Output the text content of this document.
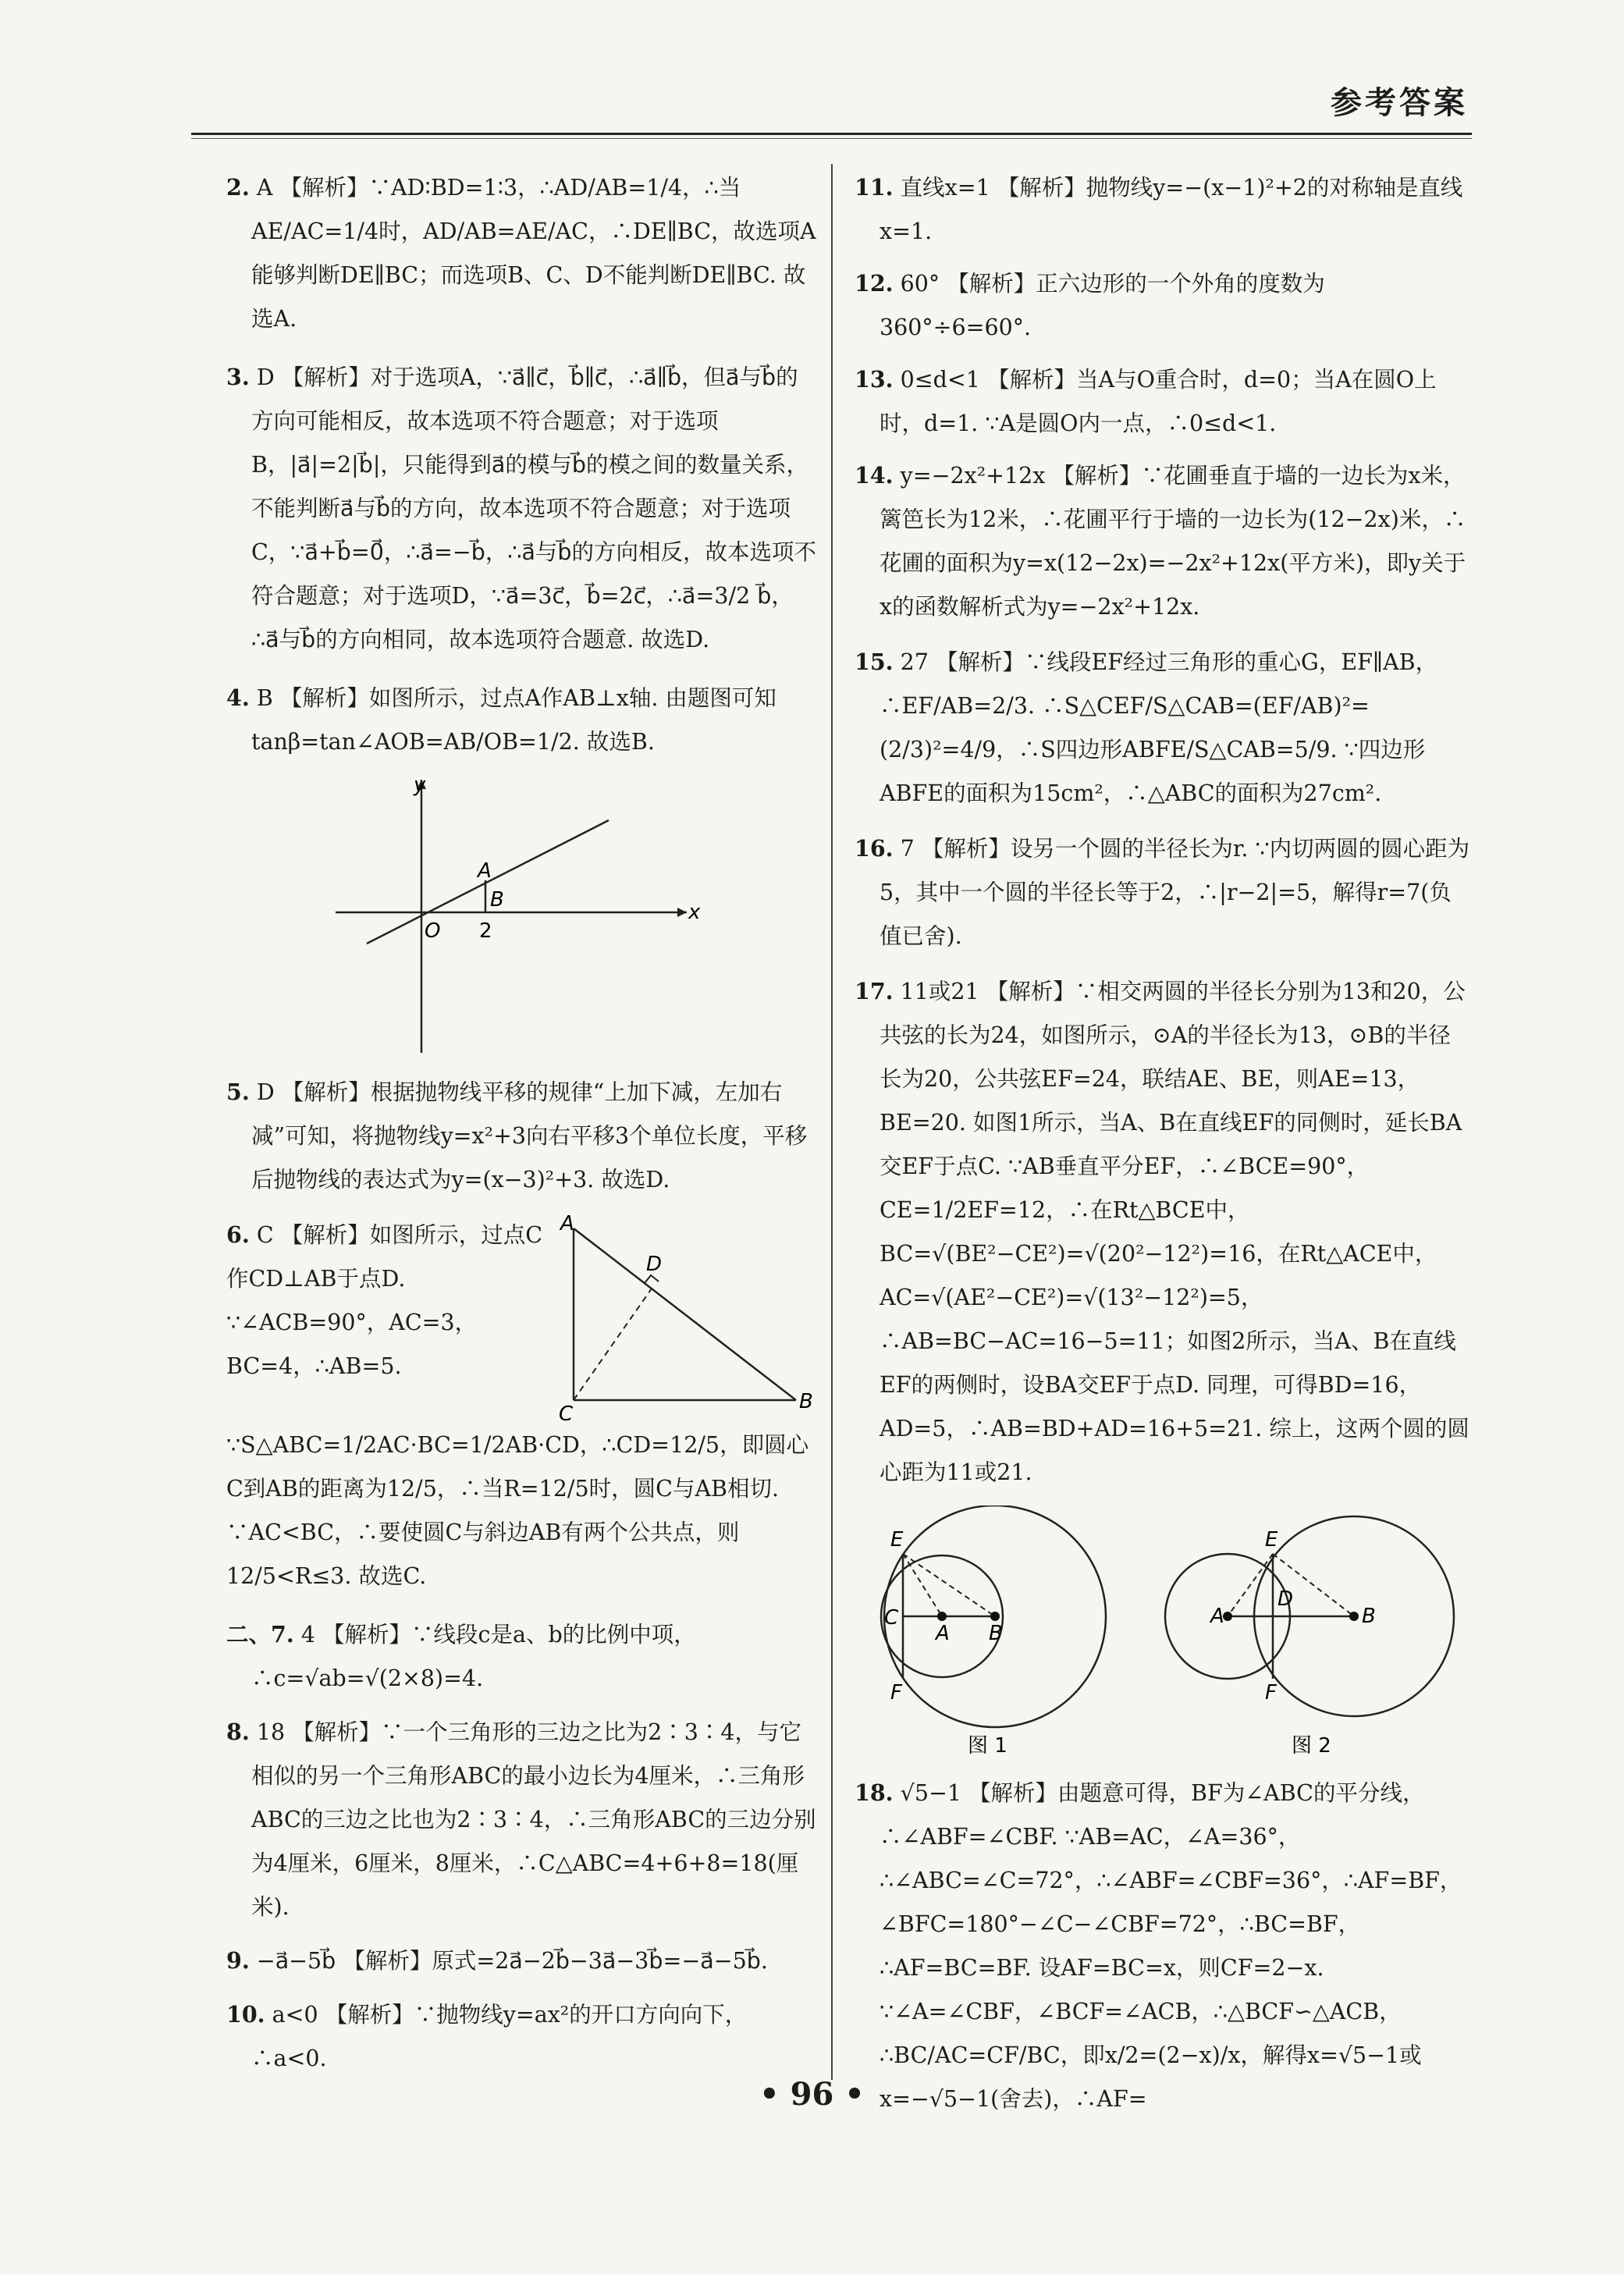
参考答案
2. A 【解析】∵AD∶BD=1∶3，∴AD/AB=1/4，∴当AE/AC=1/4时，AD/AB=AE/AC，∴DE∥BC，故选项A能够判断DE∥BC；而选项B、C、D不能判断DE∥BC. 故选A.
3. D 【解析】对于选项A，∵a⃗∥c⃗，b⃗∥c⃗，∴a⃗∥b⃗，但a⃗与b⃗的方向可能相反，故本选项不符合题意；对于选项B，|a⃗|=2|b⃗|，只能得到a⃗的模与b⃗的模之间的数量关系，不能判断a⃗与b⃗的方向，故本选项不符合题意；对于选项C，∵a⃗+b⃗=0⃗，∴a⃗=−b⃗，∴a⃗与b⃗的方向相反，故本选项不符合题意；对于选项D，∵a⃗=3c⃗，b⃗=2c⃗，∴a⃗=3/2 b⃗，∴a⃗与b⃗的方向相同，故本选项符合题意. 故选D.
4. B 【解析】如图所示，过点A作AB⊥x轴. 由题图可知tanβ=tan∠AOB=AB/OB=1/2. 故选B.
y
x
O 2
A
B
5. D 【解析】根据抛物线平移的规律“上加下减，左加右减”可知，将抛物线y=x²+3向右平移3个单位长度，平移后抛物线的表达式为y=(x−3)²+3. 故选D.
A
B
C
D
6. C 【解析】如图所示，过点C作CD⊥AB于点D. ∵∠ACB=90°，AC=3，BC=4，∴AB=5. ∵S△ABC=1/2AC·BC=1/2AB·CD，∴CD=12/5，即圆心C到AB的距离为12/5，∴当R=12/5时，圆C与AB相切. ∵AC<BC，∴要使圆C与斜边AB有两个公共点，则12/5<R≤3. 故选C.
二、7. 4 【解析】∵线段c是a、b的比例中项，∴c=√ab=√(2×8)=4.
8. 18 【解析】∵一个三角形的三边之比为2∶3∶4，与它相似的另一个三角形ABC的最小边长为4厘米，∴三角形ABC的三边之比也为2∶3∶4，∴三角形ABC的三边分别为4厘米，6厘米，8厘米，∴C△ABC=4+6+8=18(厘米).
9. −a⃗−5b⃗ 【解析】原式=2a⃗−2b⃗−3a⃗−3b⃗=−a⃗−5b⃗.
10. a<0 【解析】∵抛物线y=ax²的开口方向向下，∴a<0.
11. 直线x=1 【解析】抛物线y=−(x−1)²+2的对称轴是直线x=1.
12. 60° 【解析】正六边形的一个外角的度数为360°÷6=60°.
13. 0≤d<1 【解析】当A与O重合时，d=0；当A在圆O上时，d=1. ∵A是圆O内一点，∴0≤d<1.
14. y=−2x²+12x 【解析】∵花圃垂直于墙的一边长为x米，篱笆长为12米，∴花圃平行于墙的一边长为(12−2x)米，∴花圃的面积为y=x(12−2x)=−2x²+12x(平方米)，即y关于x的函数解析式为y=−2x²+12x.
15. 27 【解析】∵线段EF经过三角形的重心G，EF∥AB，∴EF/AB=2/3. ∴S△CEF/S△CAB=(EF/AB)²=(2/3)²=4/9，∴S四边形ABFE/S△CAB=5/9. ∵四边形ABFE的面积为15cm²，∴△ABC的面积为27cm².
16. 7 【解析】设另一个圆的半径长为r. ∵内切两圆的圆心距为5，其中一个圆的半径长等于2，∴|r−2|=5，解得r=7(负值已舍).
17. 11或21 【解析】∵相交两圆的半径长分别为13和20，公共弦的长为24，如图所示，⊙A的半径长为13，⊙B的半径长为20，公共弦EF=24，联结AE、BE，则AE=13，BE=20. 如图1所示，当A、B在直线EF的同侧时，延长BA交EF于点C. ∵AB垂直平分EF，∴∠BCE=90°，CE=1/2EF=12，∴在Rt△BCE中，BC=√(BE²−CE²)=√(20²−12²)=16，在Rt△ACE中，AC=√(AE²−CE²)=√(13²−12²)=5，∴AB=BC−AC=16−5=11；如图2所示，当A、B在直线EF的两侧时，设BA交EF于点D. 同理，可得BD=16，AD=5，∴AB=BD+AD=16+5=21. 综上，这两个圆的圆心距为11或21.
E
F
C
A B
图 1
E
F
D
A	B
图 2
18. √5−1 【解析】由题意可得，BF为∠ABC的平分线，∴∠ABF=∠CBF. ∵AB=AC，∠A=36°，∴∠ABC=∠C=72°，∴∠ABF=∠CBF=36°，∴AF=BF，∠BFC=180°−∠C−∠CBF=72°，∴BC=BF，∴AF=BC=BF. 设AF=BC=x，则CF=2−x. ∵∠A=∠CBF，∠BCF=∠ACB，∴△BCF∽△ACB，∴BC/AC=CF/BC，即x/2=(2−x)/x，解得x=√5−1或x=−√5−1(舍去)，∴AF=
• 96 •
